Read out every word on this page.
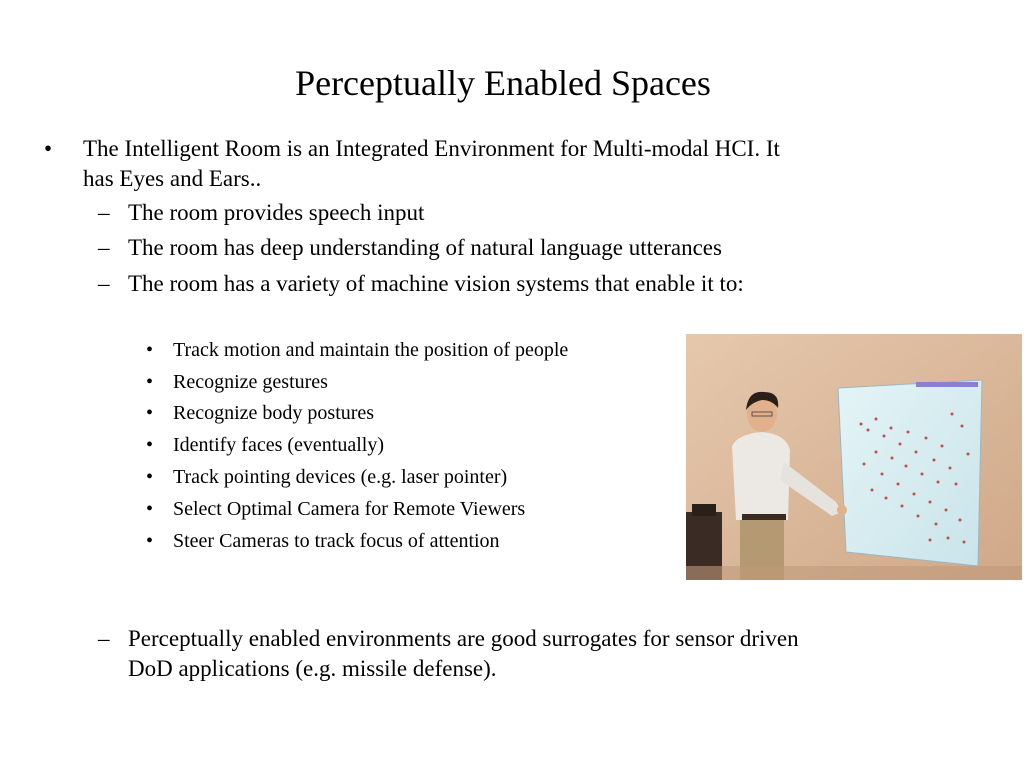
Perceptually Enabled Spaces
• The Intelligent Room is an Integrated Environment for Multi-modal HCI. It
has Eyes and Ears..
– The room provides speech input
– The room has deep understanding of natural language utterances
– The room has a variety of machine vision systems that enable it to:
• Track motion and maintain the position of people
• Recognize gestures
• Recognize body postures
• Identify faces (eventually)
• Track pointing devices (e.g. laser pointer)
• Select Optimal Camera for Remote Viewers
• Steer Cameras to track focus of attention
– Perceptually enabled environments are good surrogates for sensor driven
DoD applications (e.g. missile defense).
